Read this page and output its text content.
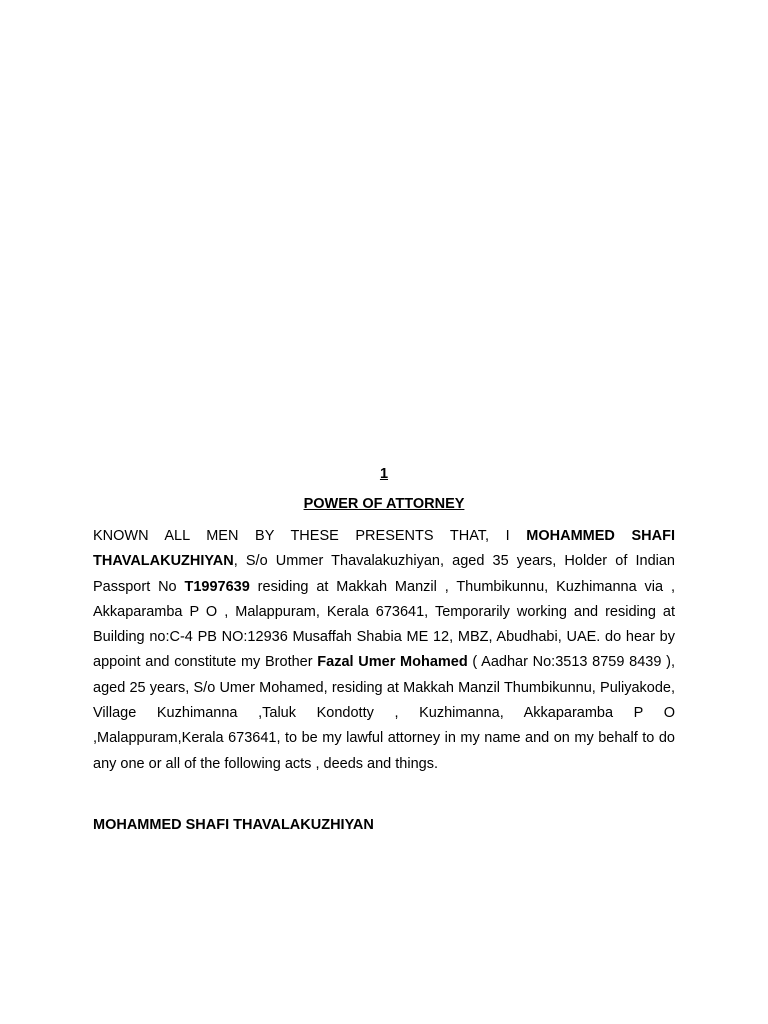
1
POWER OF ATTORNEY

KNOWN ALL MEN BY THESE PRESENTS THAT, I MOHAMMED SHAFI THAVALAKUZHIYAN, S/o Ummer Thavalakuzhiyan, aged 35 years, Holder of Indian Passport No T1997639 residing at Makkah Manzil , Thumbikunnu, Kuzhimanna via , Akkaparamba P O , Malappuram, Kerala 673641, Temporarily working and residing at Building no:C-4 PB NO:12936 Musaffah Shabia ME 12, MBZ, Abudhabi, UAE. do hear by appoint and constitute my Brother Fazal Umer Mohamed ( Aadhar No:3513 8759 8439 ), aged 25 years, S/o Umer Mohamed, residing at Makkah Manzil Thumbikunnu, Puliyakode, Village Kuzhimanna ,Taluk Kondotty , Kuzhimanna, Akkaparamba P O ,Malappuram,Kerala 673641, to be my lawful attorney in my name and on my behalf to do any one or all of the following acts , deeds and things.

MOHAMMED SHAFI THAVALAKUZHIYAN
